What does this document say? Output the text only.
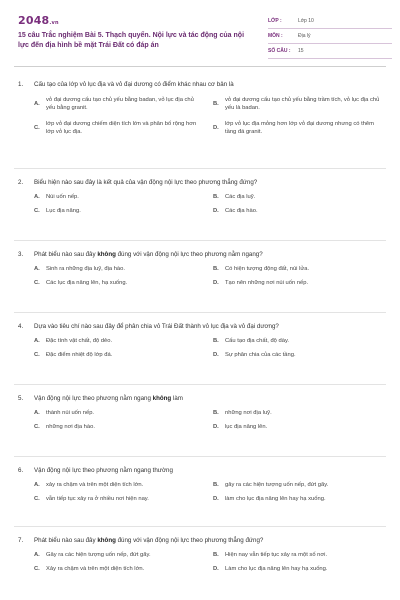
2048.vn
15 câu Trắc nghiệm Bài 5. Thạch quyển. Nội lực và tác động của nội lực đến địa hình bề mặt Trái Đất có đáp án
LỚP :	Lớp 10
MÔN :	Địa lý
SỐ CÂU :	15
1.	Cấu tạo của lớp vỏ lục địa và vỏ đại dương có điểm khác nhau cơ bản là
A.
vỏ đại dương cấu tạo chủ yếu bằng badan, vỏ lục địa chủ yếu bằng granit.
B.
vỏ đại dương cấu tạo chủ yếu bằng trầm tích, vỏ lục địa chủ yếu là badan.
C.
lớp vỏ đại dương chiếm diện tích lớn và phân bố rộng hơn lớp vỏ lục địa.
D.
lớp vỏ lục địa mỏng hơn lớp vỏ đại dương nhưng có thêm tầng đá granit.
2.	Biểu hiện nào sau đây là kết quả của vận động nội lực theo phương thẳng đứng?
A.	Núi uốn nếp.	B.	Các địa luỹ.
C.	Lục địa nâng.	D.	Các địa hào.
3.	Phát biểu nào sau đây không đúng với vận động nội lực theo phương nằm ngang?
A.	Sinh ra những địa luỹ, địa hào.	B.	Có hiện tượng động đất, núi lửa.
C.	Các lục địa nâng lên, hạ xuống.	D.	Tạo nên những nơi núi uốn nếp.
4.	Dựa vào tiêu chí nào sau đây để phân chia vỏ Trái Đất thành vỏ lục địa và vỏ đại dương?
A.	Đặc tính vật chất, độ dẻo.	B.	Cấu tạo địa chất, độ dày.
C.	Đặc điểm nhiệt độ lớp đá.	D.	Sự phân chia của các tầng.
5.	Vận động nội lực theo phương nằm ngang không làm
A.	thành núi uốn nếp.	B.	những nơi địa luỹ.
C.	những nơi địa hào.	D.	lục địa nâng lên.
6.	Vận động nội lực theo phương nằm ngang thường
A.	xảy ra chậm và trên một diện tích lớn.	B.	gây ra các hiện tượng uốn nếp, đứt gãy.
C.	vẫn tiếp tục xảy ra ở nhiều nơi hiện nay.	D.	làm cho lục địa nâng lên hay hạ xuống.
7.	Phát biểu nào sau đây không đúng với vận động nội lực theo phương thẳng đứng?
A.	Gây ra các hiện tượng uốn nếp, đứt gãy.	B.	Hiện nay vẫn tiếp tục xảy ra một số nơi.
C.	Xảy ra chậm và trên một diện tích lớn.	D.	Làm cho lục địa nâng lên hay hạ xuống.
